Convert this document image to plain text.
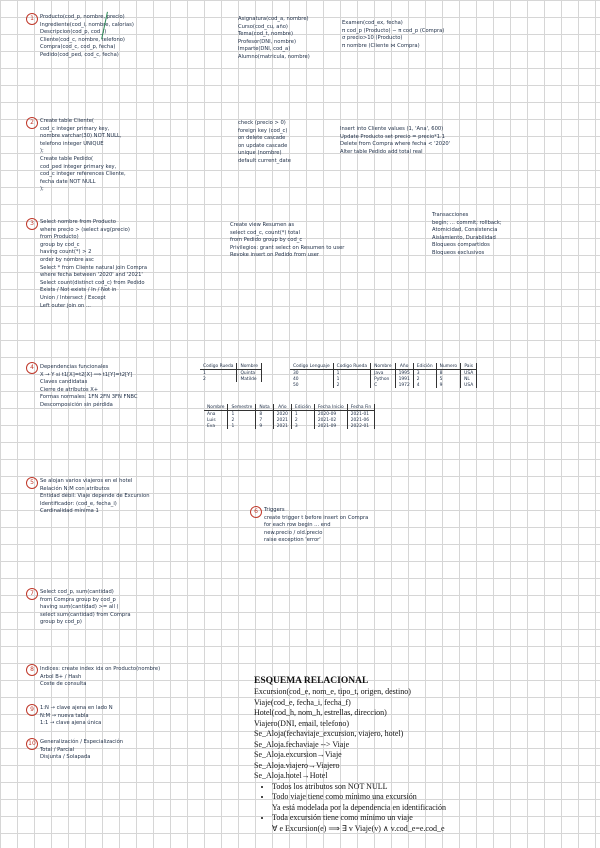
1	Producto(cod_p, nombre, precio)
Ingrediente(cod_i, nombre, calorias)
Descripcion(cod_p, cod_i)
Cliente(cod_c, nombre, telefono)
Compra(cod_c, cod_p, fecha)
Pedido(cod_ped, cod_c, fecha)
Asignatura(cod_a, nombre)
Curso(cod_cu, año)
Tema(cod_t, nombre)
Profesor(DNI, nombre)
Imparte(DNI, cod_a)
Alumno(matricula, nombre)
Examen(cod_ex, fecha)
π cod_p (Producto) − π cod_p (Compra)
σ precio>10 (Producto)
π nombre (Cliente ⋈ Compra)
2	Create table Cliente(
cod_c integer primary key,
nombre varchar(30) NOT NULL,
telefono integer UNIQUE
);
Create table Pedido(
cod_ped integer primary key,
cod_c integer references Cliente,
fecha date NOT NULL
);
check (precio > 0)
foreign key (cod_c)
on delete cascade
on update cascade
unique (nombre)
default current_date
Insert into Cliente values (1, 'Ana', 600)
Update Producto set precio = precio*1.1
Delete from Compra where fecha < '2020'
Alter table Pedido add total real
3	Select nombre from Producto
where precio > (select avg(precio)
from Producto)
group by cod_c
having count(*) > 2
order by nombre asc
Select * from Cliente natural join Compra
where fecha between '2020' and '2021'
Select count(distinct cod_c) from Pedido
Exists / Not exists / In / Not in
Union / Intersect / Except
Left outer join on ...
Create view Resumen as
select cod_c, count(*) total
from Pedido group by cod_c
Privilegios: grant select on Resumen to user
Revoke insert on Pedido from user
Transacciones
begin; ... commit; rollback;
Atomicidad, Consistencia
Aislamiento, Durabilidad
Bloqueos compartidos
Bloqueos exclusivos
4	Dependencias funcionales
X → Y si t1[X]=t2[X] ⟹ t1[Y]=t2[Y]
Claves candidatas
Cierre de atributos X+
Formas normales: 1FN 2FN 3FN FNBC
Descomposición sin pérdida
Codigo Rueda	Nombre
1	Quinta
2	Matilde
Codigo Lenguaje	Codigo Rueda	Nombre	Año	Edición	Numero	Pais
30	1	Java	1995	3	8	USA
40	1	Python	1991	2	5	NL
50	2	C	1972	4	9	USA
Nombre	Semestre	Nota	Año	Edición	Fecha Inicio	Fecha Fin
Ana	1	8	2020	1	2020-09	2021-01
Luis	2	7	2021	2	2021-02	2021-06
Eva	1	9	2021	3	2021-09	2022-01
5	Se alojan varios viajeros en el hotel
Relación N:M con atributos
Entidad débil: Viaje depende de Excursion
Identificador: (cod_e, fecha_i)
Cardinalidad mínima 1	6	Triggers
create trigger t before insert on Compra
for each row begin ... end
new.precio / old.precio
raise exception 'error'
7	Select cod_p, sum(cantidad)
from Compra group by cod_p
having sum(cantidad) >= all (
select sum(cantidad) from Compra
group by cod_p)
8	Indices: create index idx on Producto(nombre)
Arbol B+ / Hash
Coste de consulta
9	1:N → clave ajena en lado N
N:M → nueva tabla
1:1 → clave ajena única
10 Generalización / Especialización
Total / Parcial
Disjunta / Solapada
ESQUEMA RELACIONAL
Excursion(cod_e, nom_e, tipo_t, origen, destino)
Viaje(cod_e, fecha_i, fecha_f)
Hotel(cod_h, nom_h, estrellas, direccion)
Viajero(DNI, email, telefono)
Se_Aloja(fechaviaje_excursion, viajero, hotel)
Se_Aloja.fechaviaje --> Viaje
Se_Aloja.excursion→Viaje
Se_Aloja.viajero→Viajero
Se_Aloja.hotel→Hotel
• Todos los atributos son NOT NULL
• Todo viaje tiene como mínimo una excursión
Ya está modelada por la dependencia en identificación
• Toda excursión tiene como mínimo un viaje
∀ e Excursion(e) ⟹ ∃ v Viaje(v) ∧ v.cod_e=e.cod_e
